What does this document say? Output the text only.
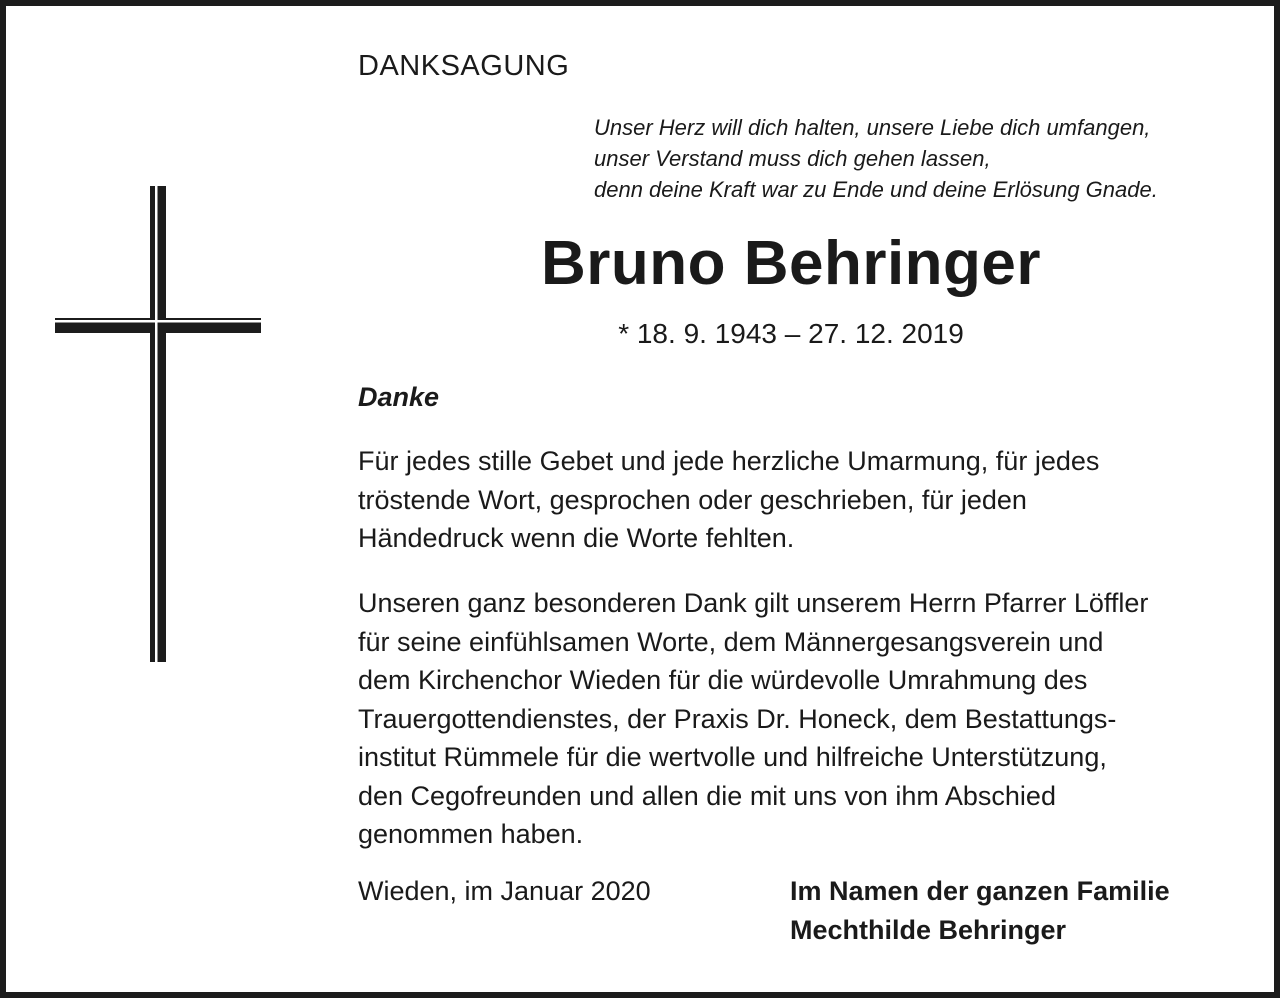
DANKSAGUNG
Unser Herz will dich halten, unsere Liebe dich umfangen,
unser Verstand muss dich gehen lassen,
denn deine Kraft war zu Ende und deine Erlösung Gnade.
Bruno Behringer
* 18. 9. 1943 – 27. 12. 2019
Danke
Für jedes stille Gebet und jede herzliche Umarmung, für jedes
tröstende Wort, gesprochen oder geschrieben, für jeden
Händedruck wenn die Worte fehlten.
Unseren ganz besonderen Dank gilt unserem Herrn Pfarrer Löffler
für seine einfühlsamen Worte, dem Männergesangsverein und
dem Kirchenchor Wieden für die würdevolle Umrahmung des
Trauergottendienstes, der Praxis Dr. Honeck, dem Bestattungs-
institut Rümmele für die wertvolle und hilfreiche Unterstützung,
den Cegofreunden und allen die mit uns von ihm Abschied
genommen haben.
Wieden, im Januar 2020	Im Namen der ganzen Familie
Mechthilde Behringer
